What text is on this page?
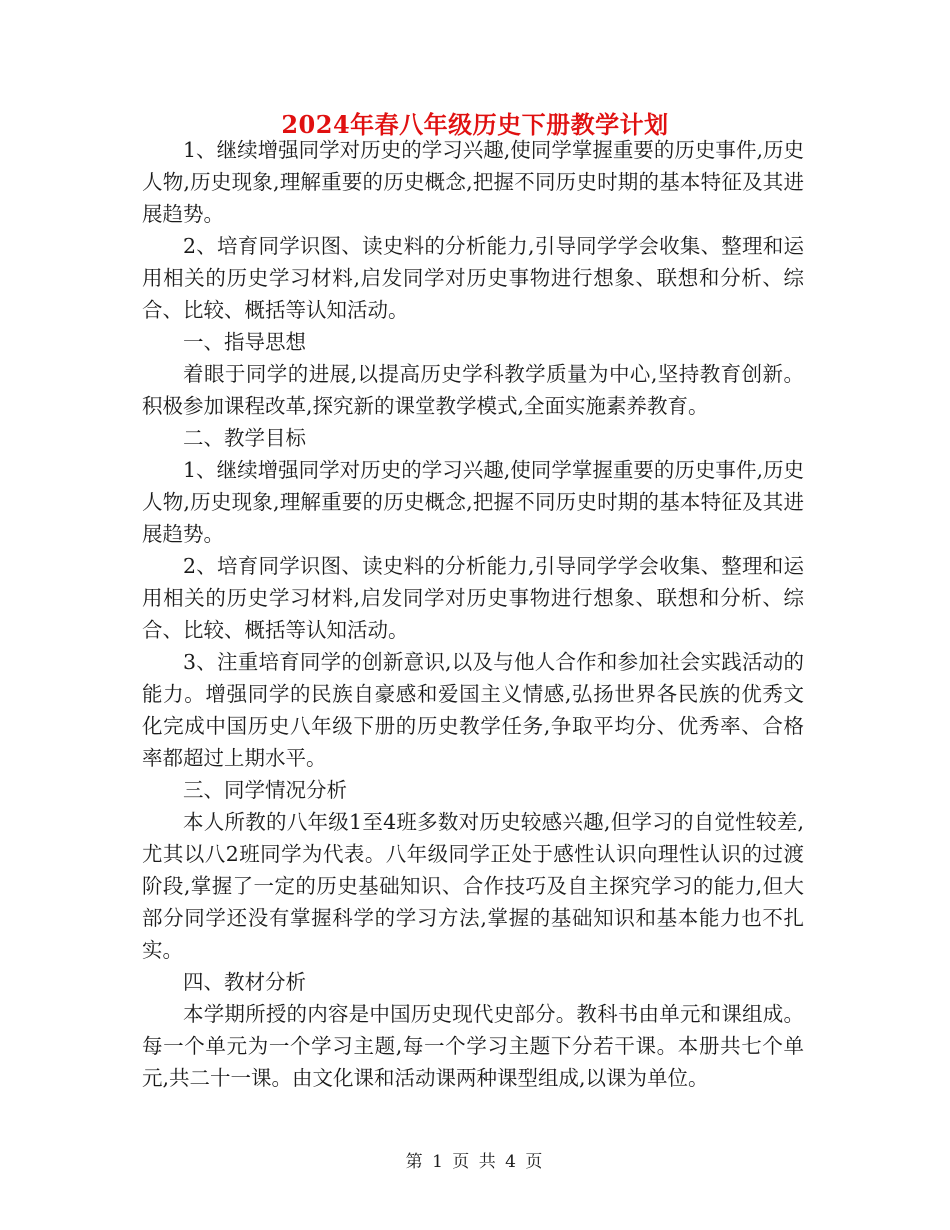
2024年春八年级历史下册教学计划

1、继续增强同学对历史的学习兴趣,使同学掌握重要的历史事件,历史人物,历史现象,理解重要的历史概念,把握不同历史时期的基本特征及其进展趋势。

2、培育同学识图、读史料的分析能力,引导同学学会收集、整理和运用相关的历史学习材料,启发同学对历史事物进行想象、联想和分析、综合、比较、概括等认知活动。

一、指导思想

着眼于同学的进展,以提高历史学科教学质量为中心,坚持教育创新。积极参加课程改革,探究新的课堂教学模式,全面实施素养教育。

二、教学目标

1、继续增强同学对历史的学习兴趣,使同学掌握重要的历史事件,历史人物,历史现象,理解重要的历史概念,把握不同历史时期的基本特征及其进展趋势。

2、培育同学识图、读史料的分析能力,引导同学学会收集、整理和运用相关的历史学习材料,启发同学对历史事物进行想象、联想和分析、综合、比较、概括等认知活动。

3、注重培育同学的创新意识,以及与他人合作和参加社会实践活动的能力。增强同学的民族自豪感和爱国主义情感,弘扬世界各民族的优秀文化完成中国历史八年级下册的历史教学任务,争取平均分、优秀率、合格率都超过上期水平。

三、同学情况分析

本人所教的八年级1至4班多数对历史较感兴趣,但学习的自觉性较差,尤其以八2班同学为代表。八年级同学正处于感性认识向理性认识的过渡阶段,掌握了一定的历史基础知识、合作技巧及自主探究学习的能力,但大部分同学还没有掌握科学的学习方法,掌握的基础知识和基本能力也不扎实。

四、教材分析

本学期所授的内容是中国历史现代史部分。教科书由单元和课组成。每一个单元为一个学习主题,每一个学习主题下分若干课。本册共七个单元,共二十一课。由文化课和活动课两种课型组成,以课为单位。

第 1 页 共 4 页
